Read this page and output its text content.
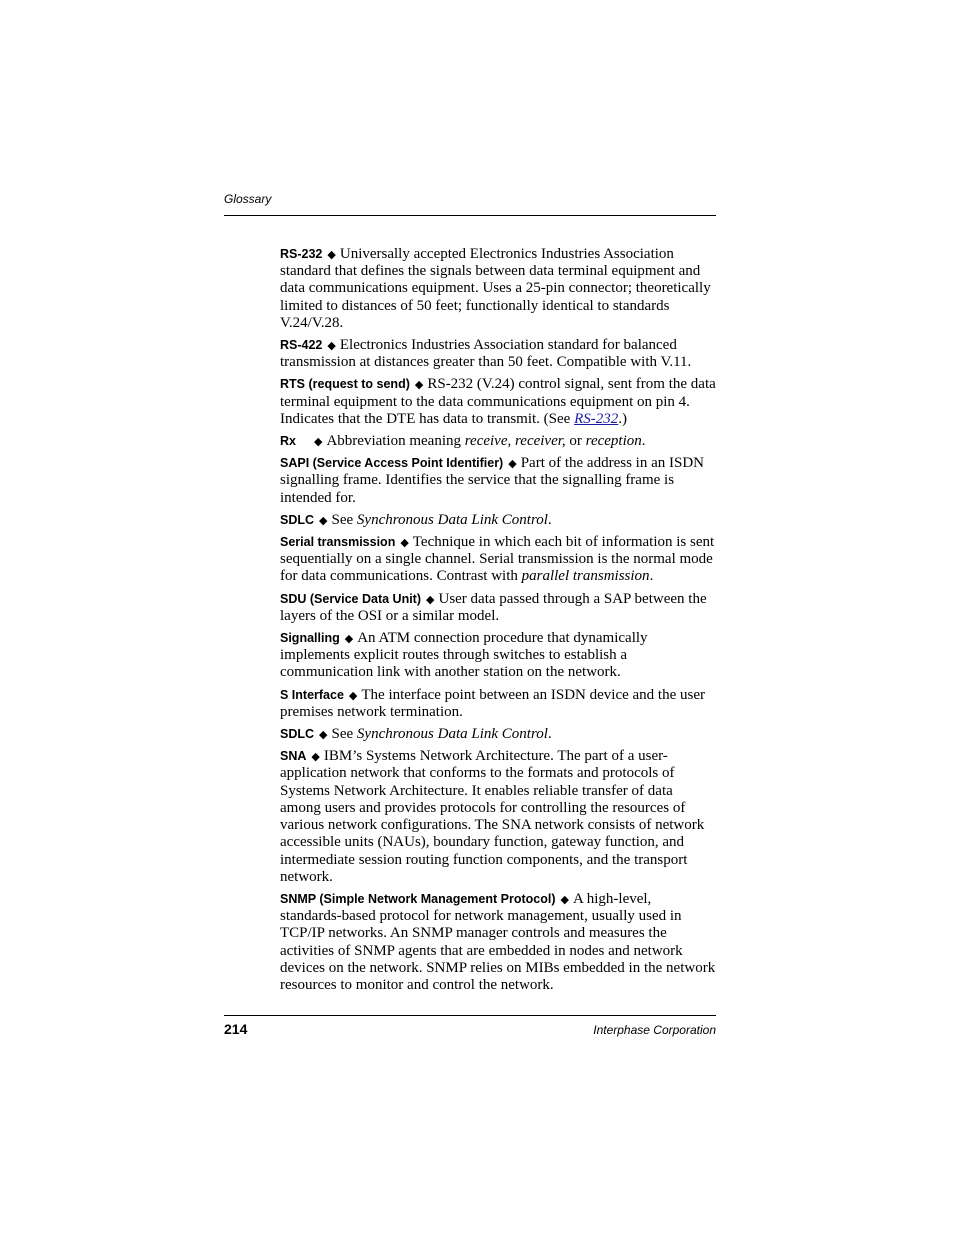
Glossary

RS-232 ◆ Universally accepted Electronics Industries Association standard that defines the signals between data terminal equipment and data communications equipment. Uses a 25-pin connector; theoretically limited to distances of 50 feet; functionally identical to standards V.24/V.28.

RS-422 ◆ Electronics Industries Association standard for balanced transmission at distances greater than 50 feet. Compatible with V.11.

RTS (request to send) ◆ RS-232 (V.24) control signal, sent from the data terminal equipment to the data communications equipment on pin 4. Indicates that the DTE has data to transmit. (See RS-232.)

Rx ◆ Abbreviation meaning receive, receiver, or reception.

SAPI (Service Access Point Identifier) ◆ Part of the address in an ISDN signalling frame. Identifies the service that the signalling frame is intended for.

SDLC ◆ See Synchronous Data Link Control.

Serial transmission ◆ Technique in which each bit of information is sent sequentially on a single channel. Serial transmission is the normal mode for data communications. Contrast with parallel transmission.

SDU (Service Data Unit) ◆ User data passed through a SAP between the layers of the OSI or a similar model.

Signalling ◆ An ATM connection procedure that dynamically implements explicit routes through switches to establish a communication link with another station on the network.

S Interface ◆ The interface point between an ISDN device and the user premises network termination.

SDLC ◆ See Synchronous Data Link Control.

SNA ◆ IBM’s Systems Network Architecture. The part of a user-application network that conforms to the formats and protocols of Systems Network Architecture. It enables reliable transfer of data among users and provides protocols for controlling the resources of various network configurations. The SNA network consists of network accessible units (NAUs), boundary function, gateway function, and intermediate session routing function components, and the transport network.

SNMP (Simple Network Management Protocol) ◆ A high-level, standards-based protocol for network management, usually used in TCP/IP networks. An SNMP manager controls and measures the activities of SNMP agents that are embedded in nodes and network devices on the network. SNMP relies on MIBs embedded in the network resources to monitor and control the network.

214	Interphase Corporation
